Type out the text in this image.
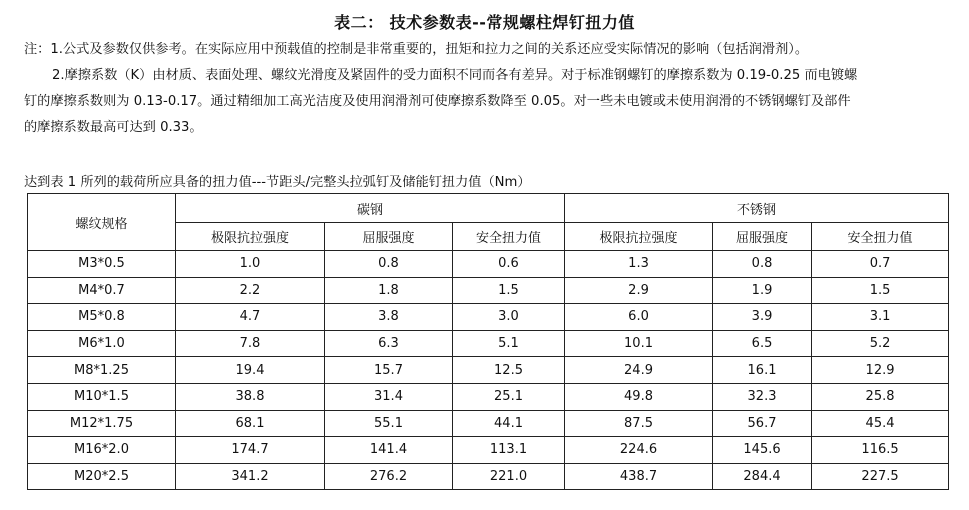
表二： 技术参数表--常规螺柱焊钉扭力值
注：1.公式及参数仅供参考。在实际应用中预载值的控制是非常重要的，扭矩和拉力之间的关系还应受实际情况的影响（包括润滑剂）。
2.摩擦系数（K）由材质、表面处理、螺纹光滑度及紧固件的受力面积不同而各有差异。对于标准钢螺钉的摩擦系数为 0.19-0.25 而电镀螺
钉的摩擦系数则为 0.13-0.17。通过精细加工高光洁度及使用润滑剂可使摩擦系数降至 0.05。对一些未电镀或未使用润滑的不锈钢螺钉及部件
的摩擦系数最高可达到 0.33。
达到表 1 所列的载荷所应具备的扭力值---节距头/完整头拉弧钉及储能钉扭力值（Nm）
螺纹规格	碳钢			不锈钢		
	极限抗拉强度	屈服强度	安全扭力值	极限抗拉强度	屈服强度	安全扭力值
M3*0.5	1.0	0.8	0.6	1.3	0.8	0.7
M4*0.7	2.2	1.8	1.5	2.9	1.9	1.5
M5*0.8	4.7	3.8	3.0	6.0	3.9	3.1
M6*1.0	7.8	6.3	5.1	10.1	6.5	5.2
M8*1.25	19.4	15.7	12.5	24.9	16.1	12.9
M10*1.5	38.8	31.4	25.1	49.8	32.3	25.8
M12*1.75	68.1	55.1	44.1	87.5	56.7	45.4
M16*2.0	174.7	141.4	113.1	224.6	145.6	116.5
M20*2.5	341.2	276.2	221.0	438.7	284.4	227.5
